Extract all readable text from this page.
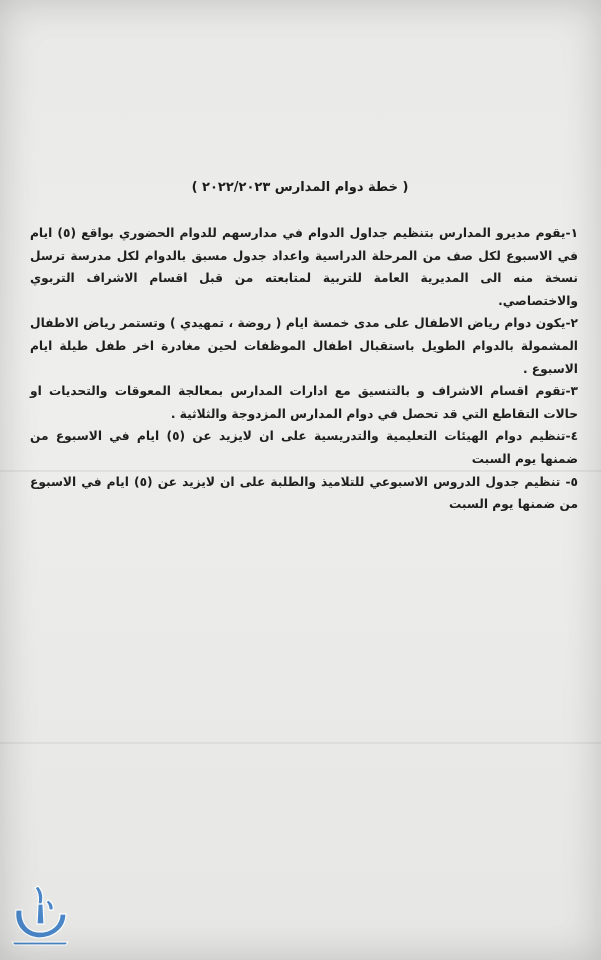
( خطة دوام المدارس ٢٠٢٢/٢٠٢٣ )

١-يقوم مديرو المدارس بتنظيم جداول الدوام في مدارسهم للدوام الحضوري بواقع (٥) ايام في الاسبوع لكل صف من المرحلة الدراسية واعداد جدول مسبق بالدوام لكل مدرسة ترسل نسخة منه الى المديرية العامة للتربية لمتابعته من قبل اقسام الاشراف التربوي والاختصاصي.

٢-يكون دوام رياض الاطفال على مدى خمسة ايام ( روضة ، تمهيدي ) وتستمر رياض الاطفال المشمولة بالدوام الطويل باستقبال اطفال الموظفات لحين مغادرة اخر طفل طيلة ايام الاسبوع .

٣-تقوم اقسام الاشراف و بالتنسيق مع ادارات المدارس بمعالجة المعوقات والتحديات او حالات التقاطع التي قد تحصل في دوام المدارس المزدوجة والثلاثية .

٤-تنظيم دوام الهيئات التعليمية والتدريسية على ان لايزيد عن (٥) ايام في الاسبوع من ضمنها يوم السبت

٥- تنظيم جدول الدروس الاسبوعي للتلاميذ والطلبة على ان لايزيد عن (٥) ايام في الاسبوع من ضمنها يوم السبت
